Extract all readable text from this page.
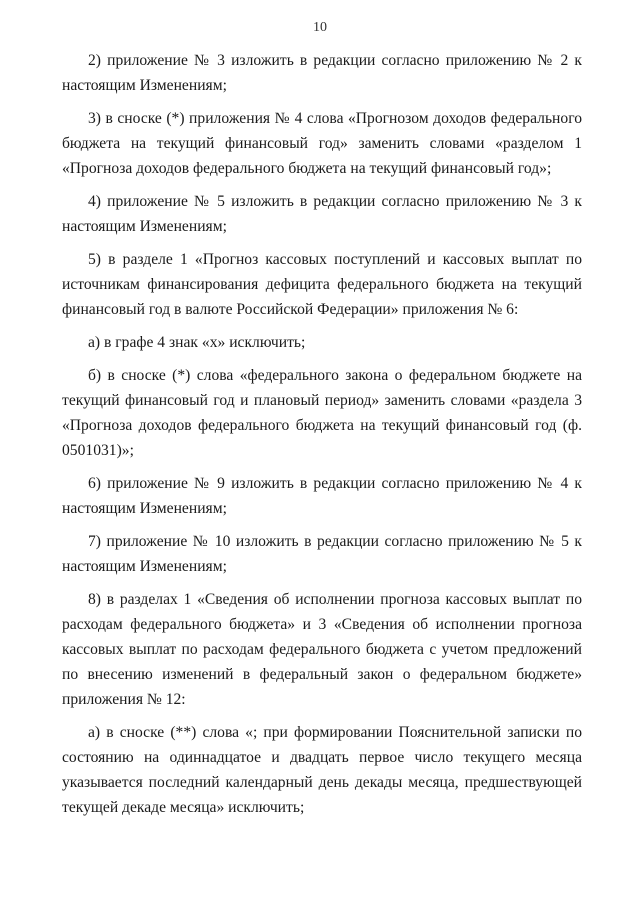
10

2) приложение № 3 изложить в редакции согласно приложению № 2 к настоящим Изменениям;

3) в сноске (*) приложения № 4 слова «Прогнозом доходов федерального бюджета на текущий финансовый год» заменить словами «разделом 1 «Прогноза доходов федерального бюджета на текущий финансовый год»;

4) приложение № 5 изложить в редакции согласно приложению № 3 к настоящим Изменениям;

5) в разделе 1 «Прогноз кассовых поступлений и кассовых выплат по источникам финансирования дефицита федерального бюджета на текущий финансовый год в валюте Российской Федерации» приложения № 6:

а) в графе 4 знак «х» исключить;

б) в сноске (*) слова «федерального закона о федеральном бюджете на текущий финансовый год и плановый период» заменить словами «раздела 3 «Прогноза доходов федерального бюджета на текущий финансовый год (ф. 0501031)»;

6) приложение № 9 изложить в редакции согласно приложению № 4 к настоящим Изменениям;

7) приложение № 10 изложить в редакции согласно приложению № 5 к настоящим Изменениям;

8) в разделах 1 «Сведения об исполнении прогноза кассовых выплат по расходам федерального бюджета» и 3 «Сведения об исполнении прогноза кассовых выплат по расходам федерального бюджета с учетом предложений по внесению изменений в федеральный закон о федеральном бюджете» приложения № 12:

а) в сноске (**) слова «; при формировании Пояснительной записки по состоянию на одиннадцатое и двадцать первое число текущего месяца указывается последний календарный день декады месяца, предшествующей текущей декаде месяца» исключить;
